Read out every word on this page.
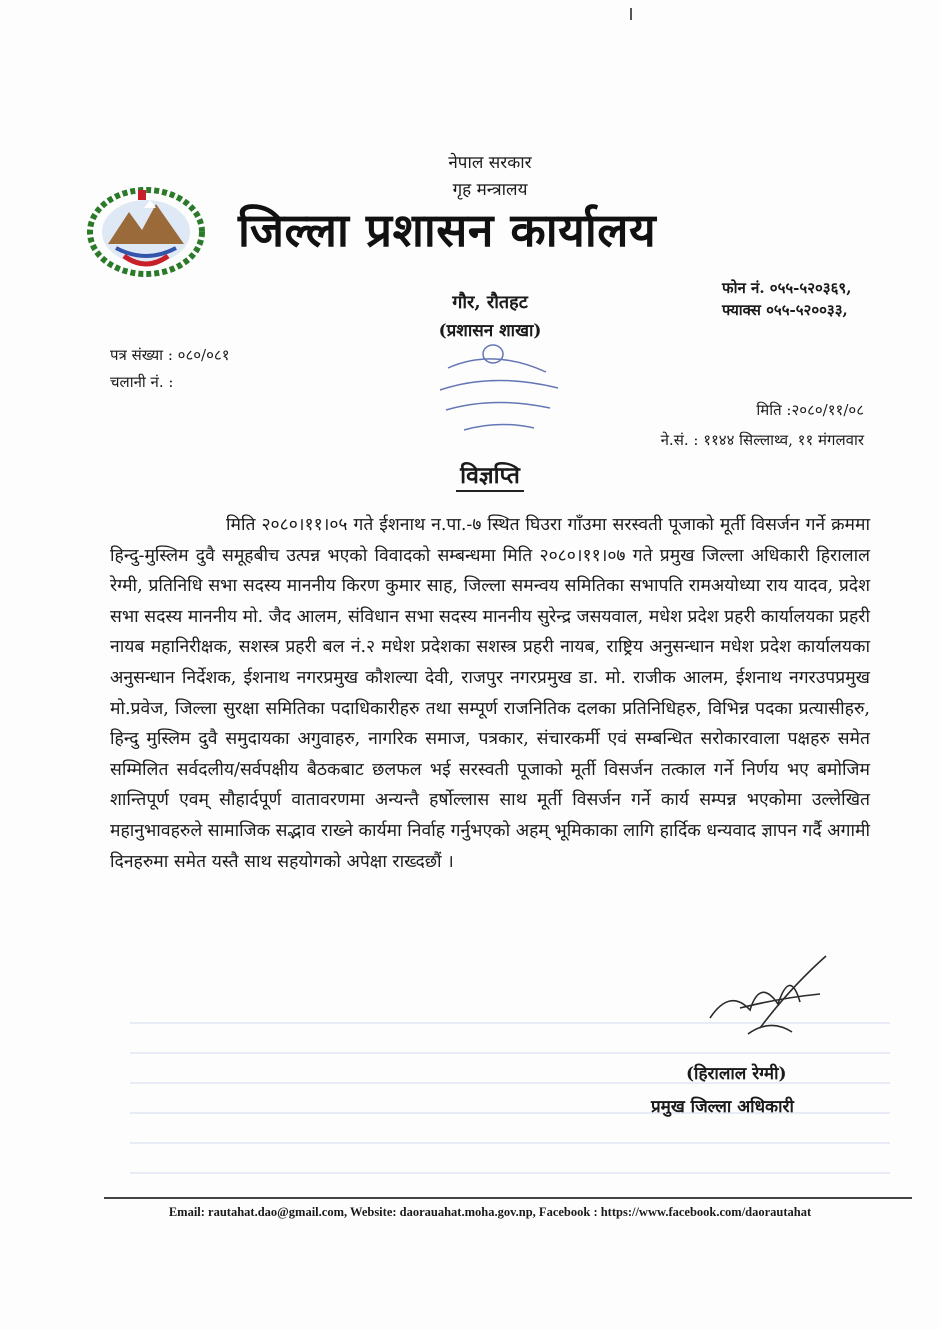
नेपाल सरकार
गृह मन्त्रालय
जिल्ला प्रशासन कार्यालय
फोन नं. ०५५-५२०३६९,
फ्याक्स ०५५-५२००३३,
गौर, रौतहट
(प्रशासन शाखा)
पत्र संख्या : ०८०/०८१
चलानी नं. :
मिति :२०८०/११/०८
ने.सं. : ११४४ सिल्लाथ्व, ११ मंगलवार
विज्ञप्ति

मिति २०८०।११।०५ गते ईशनाथ न.पा.-७ स्थित घिउरा गाँउमा सरस्वती पूजाको मूर्ती विसर्जन गर्ने क्रममा हिन्दु-मुस्लिम दुवै समूहबीच उत्पन्न भएको विवादको सम्बन्धमा मिति २०८०।११।०७ गते प्रमुख जिल्ला अधिकारी हिरालाल रेग्मी, प्रतिनिधि सभा सदस्य माननीय किरण कुमार साह, जिल्ला समन्वय समितिका सभापति रामअयोध्या राय यादव, प्रदेश सभा सदस्य माननीय मो. जैद आलम, संविधान सभा सदस्य माननीय सुरेन्द्र जसयवाल, मधेश प्रदेश प्रहरी कार्यालयका प्रहरी नायब महानिरीक्षक, सशस्त्र प्रहरी बल नं.२ मधेश प्रदेशका सशस्त्र प्रहरी नायब, राष्ट्रिय अनुसन्धान मधेश प्रदेश कार्यालयका अनुसन्धान निर्देशक, ईशनाथ नगरप्रमुख कौशल्या देवी, राजपुर नगरप्रमुख डा. मो. राजीक आलम, ईशनाथ नगरउपप्रमुख मो.प्रवेज, जिल्ला सुरक्षा समितिका पदाधिकारीहरु तथा सम्पूर्ण राजनितिक दलका प्रतिनिधिहरु, विभिन्न पदका प्रत्यासीहरु, हिन्दु मुस्लिम दुवै समुदायका अगुवाहरु, नागरिक समाज, पत्रकार, संचारकर्मी एवं सम्बन्धित सरोकारवाला पक्षहरु समेत सम्मिलित सर्वदलीय/सर्वपक्षीय बैठकबाट छलफल भई सरस्वती पूजाको मूर्ती विसर्जन तत्काल गर्ने निर्णय भए बमोजिम शान्तिपूर्ण एवम् सौहार्दपूर्ण वातावरणमा अन्यन्तै हर्षोल्लास साथ मूर्ती विसर्जन गर्ने कार्य सम्पन्न भएकोमा उल्लेखित महानुभावहरुले सामाजिक सद्भाव राख्ने कार्यमा निर्वाह गर्नुभएको अहम् भूमिकाका लागि हार्दिक धन्यवाद ज्ञापन गर्दै अगामी दिनहरुमा समेत यस्तै साथ सहयोगको अपेक्षा राख्दछौं ।

(हिरालाल रेग्मी)
प्रमुख जिल्ला अधिकारी
Email: rautahat.dao@gmail.com, Website: daorauahat.moha.gov.np, Facebook : https://www.facebook.com/daorautahat
